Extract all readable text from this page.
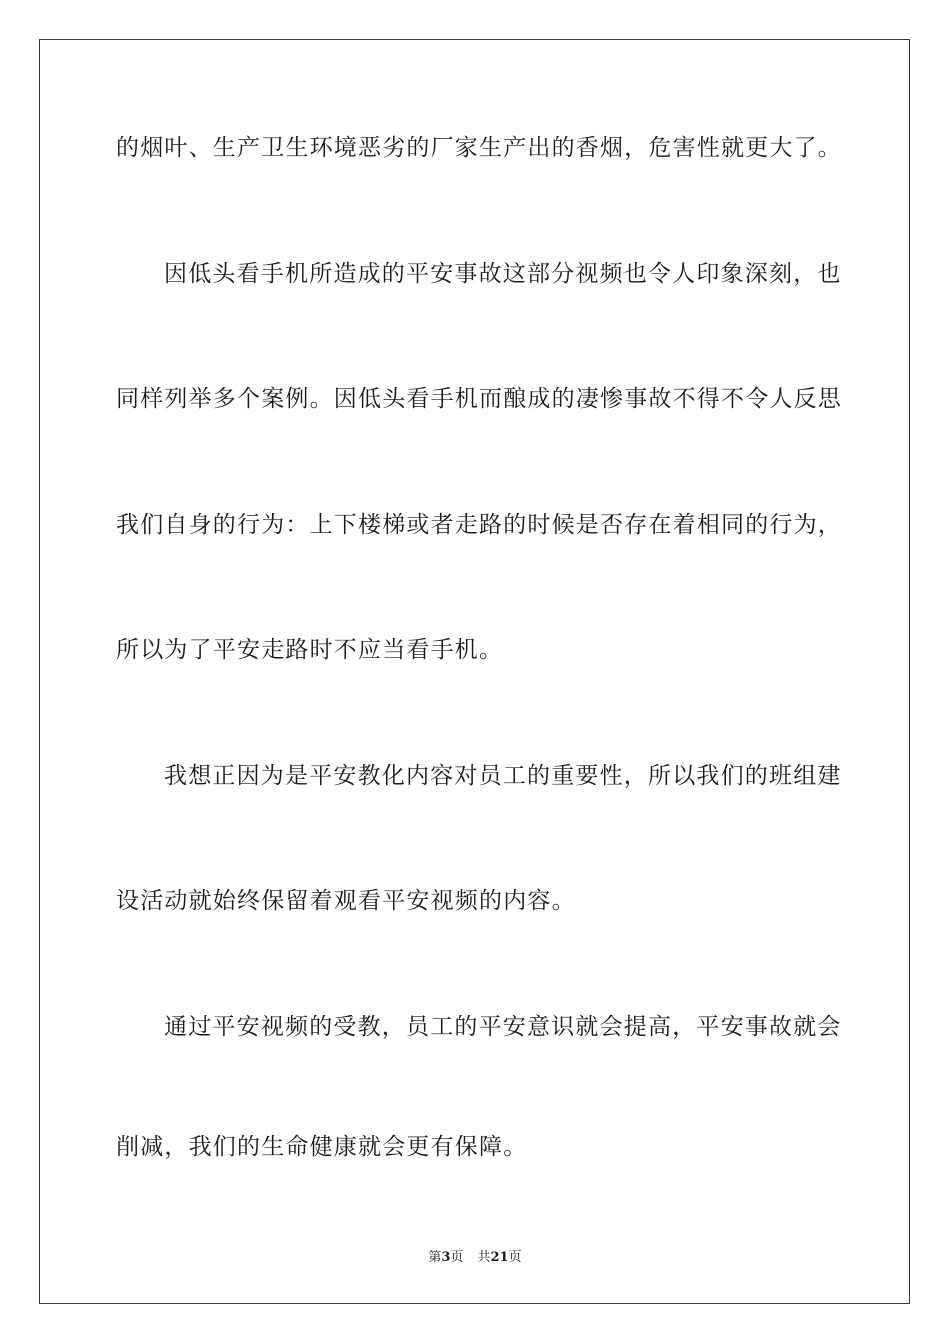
的烟叶、生产卫生环境恶劣的厂家生产出的香烟，危害性就更大了。
因低头看手机所造成的平安事故这部分视频也令人印象深刻，也
同样列举多个案例。因低头看手机而酿成的凄惨事故不得不令人反思
我们自身的行为：上下楼梯或者走路的时候是否存在着相同的行为，
所以为了平安走路时不应当看手机。
我想正因为是平安教化内容对员工的重要性，所以我们的班组建
设活动就始终保留着观看平安视频的内容。
通过平安视频的受教，员工的平安意识就会提高，平安事故就会
削减，我们的生命健康就会更有保障。
第3页 共21页
